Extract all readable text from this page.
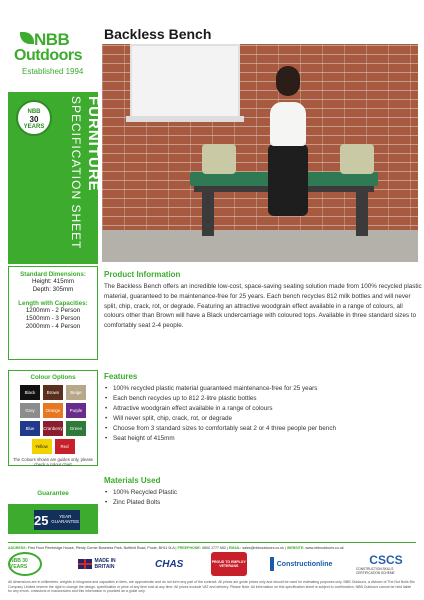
NBB
Outdoors
Established 1994
Backless Bench
FURNITURE
SPECIFICATION SHEET
NBB
30
YEARS
Standard Dimensions:
Height: 415mm
Depth: 305mm
Length with Capacities:
1200mm - 2 Person
1500mm - 3 Person
2000mm - 4 Person
Colour Options
Black	Brown	Beige
Grey	Orange	Purple
Blue	Cranberry	Green
Yellow	Red
The Colours shown are guides only, please check a colour chart
Guarantee
25	YEAR GUARANTEE
Product Information
The Backless Bench offers an incredible low-cost, space-saving seating solution made from 100% recycled plastic material, guaranteed to be maintenance-free for 25 years. Each bench recycles 812 milk bottles and will never split, chip, crack, rot, or degrade. Featuring an attractive woodgrain effect available in a range of colours, all colours other than Brown will have a Black undercarriage with coloured tops. Available in three standard sizes to comfortably seat 2-4 people.
Features
• 100% recycled plastic material guaranteed maintenance-free for 25 years
• Each bench recycles up to 812 2-litre plastic bottles
• Attractive woodgrain effect available in a range of colours
• Will never split, chip, crack, rot, or degrade
• Choose from 3 standard sizes to comfortably seat 2 or 4 three people per bench
• Seat height of 415mm
Materials Used
• 100% Recycled Plastic
• Zinc Plated Bolts
ADDRESS: First Floor Pembridge House, Plenty Corner Business Park, Nutfield Road, Poole, BH11 0LA | FREEPHONE: 0800 1777 652 | EMAIL: sales@nbboutdoors.co.uk | WEBSITE: www.nbboutdoors.co.uk
NBB 30 YEARS
MADE IN
BRITAIN	CHAS	PROUD TO EMPLOY VETERANS	Constructionline	CSCS
CONSTRUCTION SKILLS CERTIFICATION SCHEME
All dimensions are in millimetres, weights in kilograms and capacities in litres, are approximate and do not form any part of the contract. All prices are guide prices only and should be used for estimating purposes only. NBB Outdoors, a division of The Nut Bolts Bin Company Limited reserve the right to change the design, specification or price of any item sold at any time. All prices exclude VAT and delivery. Please Note: All information on this specification sheet is subject to confirmation. NBB Outdoors cannot be held liable for any errors, omissions or inaccuracies and this information is provided as a guide only.
